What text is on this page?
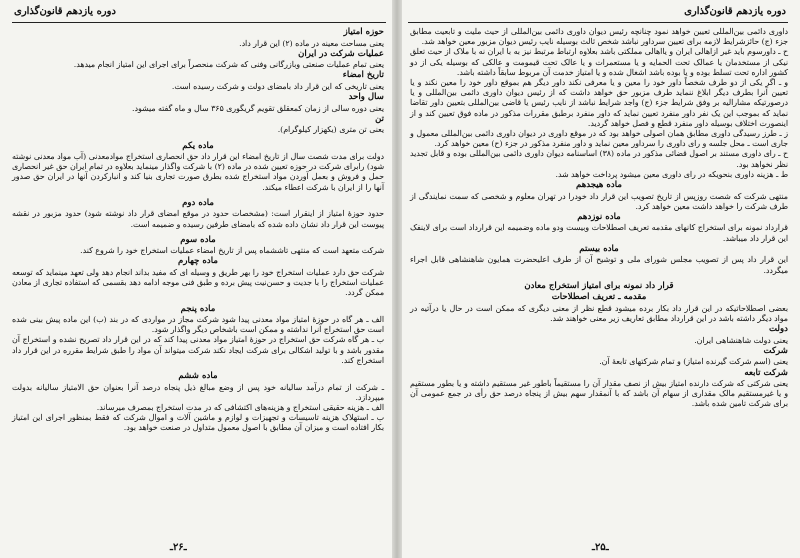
دوره یازدهم قانون‌گذاری
حوزه امتیاز
یعنی مساحت معینه در ماده (۲) این قرار داد.
عملیات شرکت در ایران
یعنی تمام عملیات صنعتی وبازرگانی وفنی که شرکت منحصراً برای اجرای این امتیاز انجام میدهد.
تاریخ امضاء
یعنی تاریخی که این قرار داد بامضای دولت و شرکت رسیده است.
سال واحد
یعنی دوره سالی از زمان کمعقلق تقویم گریگوری ۳۶۵ سال و ماه گفته میشود.
تن
یعنی تن متری (یکهزار کیلوگرام).
ماده یکم
دولت برای مدت شصت سال از تاریخ امضاء این قرار داد حق انحصاری استخراج موادمعدنی (آب مواد معدنی نوشته شود) رابرای شرکت در حوزه تعیین شده در ماده (۲) با شرکت واگذار مینماید بعلاوه در تمام ایران حق غیر انحصاری حمل و فروش و بعمل آوردن مواد استخراج شده بطرق صورت تجاری بنیا کند و انبارکردن آنها در ایران حق صدور آنها را از ایران با شرکت اعطاء میکند.
ماده دوم
حدود حوزهٔ امتیاز از اینقرار است: (مشخصات حدود در موقع امضای قرار داد نوشته شود) حدود مزبور در نقشه پیوست این قرار داد نشان داده شده که بامضای طرفین رسیده و ضمیمه است.
ماده سوم
شرکت متعهد است که منتهی تاششماه پس از تاریخ امضاء عملیات استخراج خود را شروع کند.
ماده چهارم
شرکت حق دارد عملیات استخراج خود را بهر طریق و وسیله ای که مفید بداند انجام دهد ولی تعهد مینماید که توسعه عملیات استخراج را با جدیت و حسن‌نیت پیش برده و طبق فنی موجه ادامه دهد بقسمی که استفاده تجاری از معادن ممکن گردد.
ماده پنجم
الف ـ هر گاه در حوزهٔ امتیاز مواد معدنی پیدا شود شرکت مجاز در مواردی که در بند (ب) این ماده پیش بینی شده است حق استخراج آنرا نداشته و ممکن است باشخاص دیگر واگذار شود.
ب ـ هر گاه شرکت حق استخراج در حوزهٔ امتیاز مواد معدنی پیدا کند که در این قرار داد تصریح نشده و استخراج آن مقدور باشد و با تولید اشکالی برای شرکت ایجاد نکند شرکت میتواند آن مواد را طبق شرایط مقرره در این قرار داد استخراج کند.
ماده ششم
ـ شرکت از تمام درآمد سالیانه خود پس از وضع مبالغ ذیل پنجاه درصد آنرا بعنوان حق الامتیاز سالیانه بدولت میپردازد.
الف ـ هزینه حقیقی استخراج و هزینه‌های اکتشافی که در مدت استخراج بمصرف میرساند.
ب ـ استهلاک هزینه تاسیسات و تجهیزات و لوازم و ماشین آلات و اموال شرکت که فقط بمنظور اجرای این امتیاز بکار افتاده است و میزان آن مطابق با اصول معمول متداول در صنعت خواهد بود.
ـ۲۶ـ
دوره یازدهم قانون‌گذاری
داوری دائمی بین‌المللی تعیین خواهد نمود چنانچه رئیس دیوان داوری دائمی بین‌المللی از حیث ملیت و تابعیت مطابق جزء (ج) حائزشرایط لازمه برای تعیین سرداور نباشد شخص ثالث بوسیله نایب رئیس دیوان مزبور معین خواهد شد.
ح ـ داورسوم باید غیر ازاهالی ایران و یااهالی مملکتی باشد بعلاوه ارتباط مرتبط نیز به با ایران نه با ملاک از حیث تعلق نیکی از مستخدمان یا عمالک تحت الحمایه و یا مستعمرات و یا عالک تحت قیمومت و عالکی که بوسیله یکی از دو کشور اداره تحت تسلط بوده و یا بوده باشد اشغال شده و یا امتیاز خدمت آن مربوط سابقاً داشته باشد.
و ـ اگر یکی از دو طرف شخصاً داور خود را معین و یا معرفی نکند داور دیگر هم بموقع داور خود را معین نکند و یا تعیین آنرا بطرف دیگر ابلاغ ننماید طرف مزبور حق خواهد داشت که از رئیس دیوان داوری دائمی بین‌المللی و یا درصورتیکه مشارالیه بر وفق شرایط جزء (ج) واجد شرایط نباشد از نایب رئیس یا قاضی بین‌المللی بتعیین داور تقاضا نماید که بموجب این یک نفر داور منفرد تعیین نماید که داور منفرد برطبق مقررات مذکور در ماده فوق تعیین کند و از اینصورت اختلاف بوسیله داور منفرد قطع و فصل خواهد گردید.
ز ـ طرز رسیدگی داوری مطابق همان اصولی خواهد بود که در موقع داوری در دیوان داوری دائمی بین‌المللی معمول و جاری است ـ محل جلسه و رای داوری را سرداور معین نماید و داور منفرد مذکور در جزء (ح) معین خواهد کرد.
ح ـ رای داوری مستند بر اصول قضائی مذکور در ماده (۳۸) اساسنامه دیوان داوری دائمی بین‌المللی بوده و قابل تجدید نظر نخواهد بود.
ط ـ هزینه داوری بنحویکه در رای داوری معین میشود پرداخت خواهد شد.
ماده هیجدهم
منتهی شرکت که شصت روزپس از تاریخ تصویب این قرار داد خودرا در تهران معلوم و شخصی که سمت نمایندگی از طرف شرکت را خواهد داشت معین خواهد کرد.
ماده نوزدهم
قرارداد نمونه برای استخراج کانهای مقدمه تعریف اصطلاحات وبیست ودو ماده وضمیمه این قرارداد است برای لاینفک این قرار داد میباشد.
ماده بیستم
این قرار داد پس از تصویب مجلس شورای ملی و توشیح آن از طرف اعلیحضرت همایون شاهنشاهی قابل اجراء میگردد.
قرار داد نمونه برای امتیاز استخراج معادن
مقدمه ـ تعریف اصطلاحات
بعضی اصطلاحاتیکه در این قرار داد بکار برده میشود قطع نظر از معنی دیگری که ممکن است در حال یا درآتیه در مواد دیگر داشته باشد در این قرارداد مطابق تعاریف زیر معنی خواهند شد.
دولت
یعنی دولت شاهنشاهی ایران.
شرکت
یعنی (اسم شرکت گیرنده امتیاز) و تمام شرکتهای تابعهٔ آن.
شرکت تابعه
یعنی شرکتی که شرکت دارنده امتیاز بیش از نصف مقدار آن را مستقیماً باطور غیر مستقیم داشته و یا بطور مستقیم و یا غیرمستقیم مالک مقداری از سهام آن باشد که با آنمقدار سهم بیش از پنجاه درصد حق رأی در جمع عمومی آن برای شرکت تامین شده باشد.
ـ۲۵ـ
